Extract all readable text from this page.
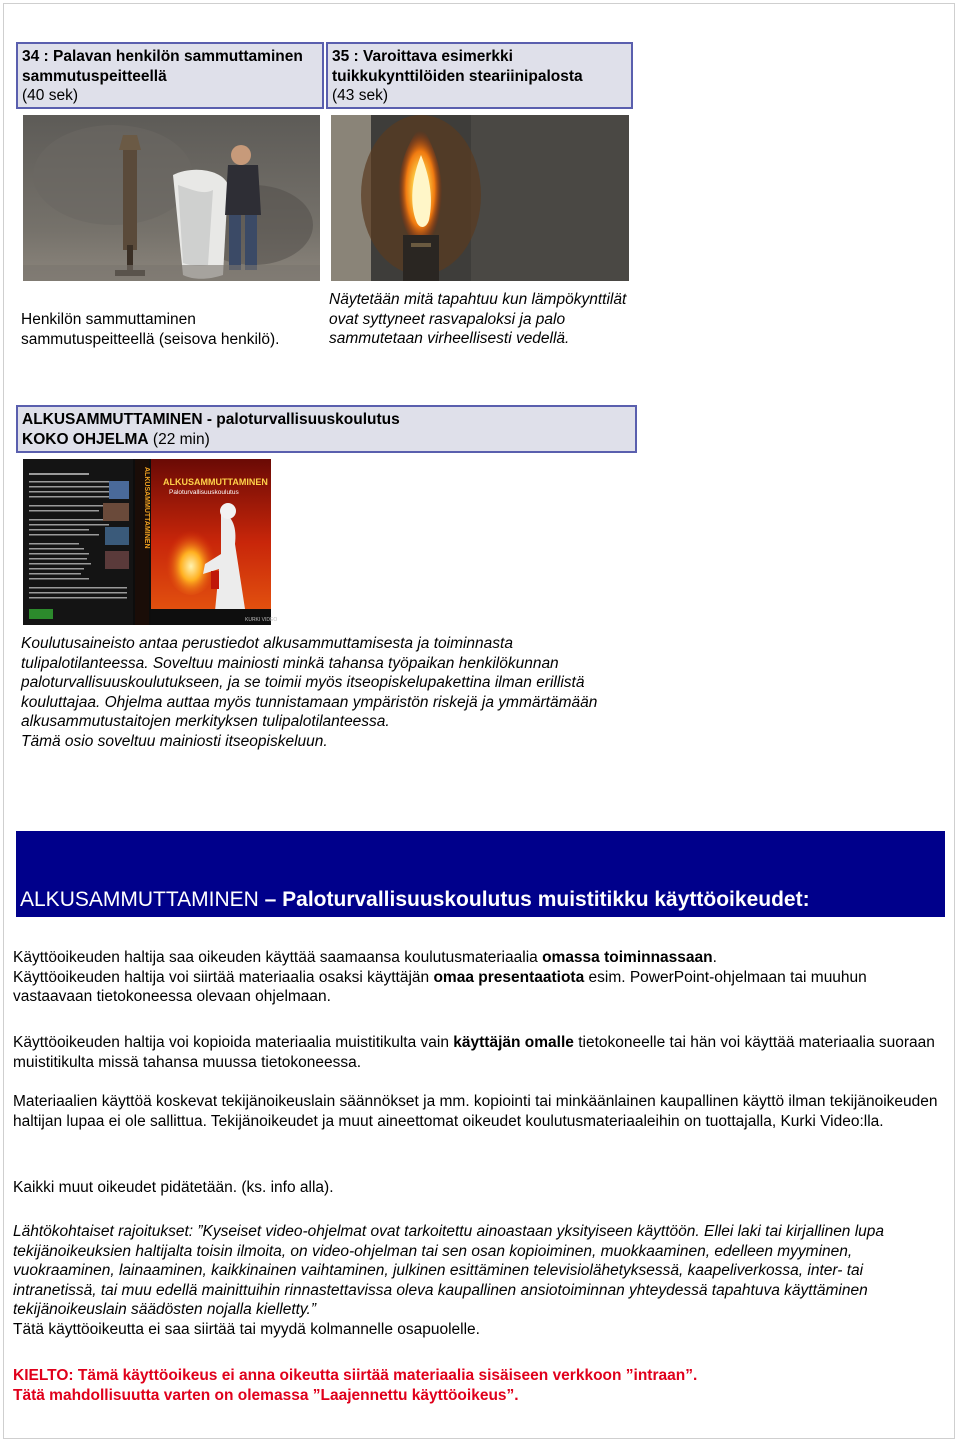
34 : Palavan henkilön sammuttaminen sammutuspeitteellä
(40 sek)
35 : Varoittava esimerkki tuikkukynttilöiden steariinipalosta
(43 sek)
Henkilön sammuttaminen sammutuspeitteellä (seisova henkilö).
Näytetään mitä tapahtuu kun lämpökynttilät ovat syttyneet rasvapaloksi ja palo sammutetaan virheellisesti vedellä.
ALKUSAMMUTTAMINEN - paloturvallisuuskoulutus
KOKO OHJELMA (22 min)
ALKUSAMMUTTAMINEN ALKUSAMMUTTAMINEN
Paloturvallisuuskoulutus
KURKI VIDEO
Koulutusaineisto antaa perustiedot alkusammuttamisesta ja toiminnasta tulipalotilanteessa. Soveltuu mainiosti minkä tahansa työpaikan henkilökunnan paloturvallisuuskoulutukseen, ja se toimii myös itseopiskelupakettina ilman erillistä kouluttajaa. Ohjelma auttaa myös tunnistamaan ympäristön riskejä ja ymmärtämään alkusammutustaitojen merkityksen tulipalotilanteessa.
Tämä osio soveltuu mainiosti itseopiskeluun.
ALKUSAMMUTTAMINEN – Paloturvallisuuskoulutus muistitikku käyttöoikeudet:
Käyttöoikeuden haltija saa oikeuden käyttää saamaansa koulutusmateriaalia omassa toiminnassaan.
Käyttöoikeuden haltija voi siirtää materiaalia osaksi käyttäjän omaa presentaatiota esim. PowerPoint-ohjelmaan tai muuhun vastaavaan tietokoneessa olevaan ohjelmaan.
Käyttöoikeuden haltija voi kopioida materiaalia muistitikulta vain käyttäjän omalle tietokoneelle tai hän voi käyttää materiaalia suoraan muistitikulta missä tahansa muussa tietokoneessa.
Materiaalien käyttöä koskevat tekijänoikeuslain säännökset ja mm. kopiointi tai minkäänlainen kaupallinen käyttö ilman tekijänoikeuden haltijan lupaa ei ole sallittua. Tekijänoikeudet ja muut aineettomat oikeudet koulutusmateriaaleihin on tuottajalla, Kurki Video:lla.
Kaikki muut oikeudet pidätetään. (ks. info alla).
Lähtökohtaiset rajoitukset: ”Kyseiset video-ohjelmat ovat tarkoitettu ainoastaan yksityiseen käyttöön. Ellei laki tai kirjallinen lupa tekijänoikeuksien haltijalta toisin ilmoita, on video-ohjelman tai sen osan kopioiminen, muokkaaminen, edelleen myyminen, vuokraaminen, lainaaminen, kaikkinainen vaihtaminen, julkinen esittäminen televisiolähetyksessä, kaapeliverkossa, inter- tai intranetissä, tai muu edellä mainittuihin rinnastettavissa oleva kaupallinen ansiotoiminnan yhteydessä tapahtuva käyttäminen tekijänoikeuslain säädösten nojalla kielletty.”
Tätä käyttöoikeutta ei saa siirtää tai myydä kolmannelle osapuolelle.
KIELTO: Tämä käyttöoikeus ei anna oikeutta siirtää materiaalia sisäiseen verkkoon ”intraan”.
Tätä mahdollisuutta varten on olemassa ”Laajennettu käyttöoikeus”.
